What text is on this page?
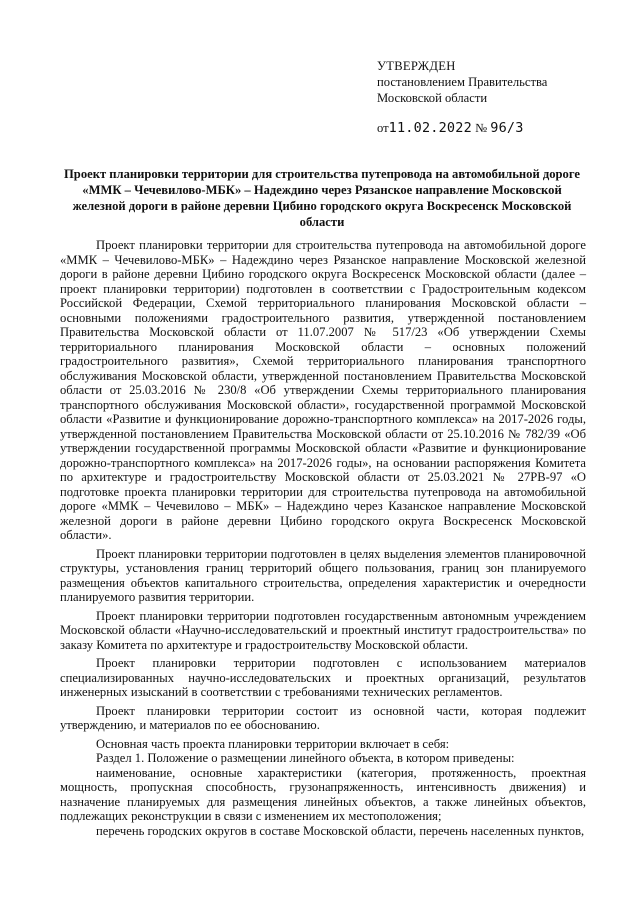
УТВЕРЖДЕН
постановлением Правительства
Московской области
от11.02.2022 № 96/3
Проект планировки территории для строительства путепровода на автомобильной дороге «ММК – Чечевилово-МБК» – Надеждино через Рязанское направление Московской железной дороги в районе деревни Цибино городского округа Воскресенск Московской области

Проект планировки территории для строительства путепровода на автомобильной дороге «ММК – Чечевилово-МБК» – Надеждино через Рязанское направление Московской железной дороги в районе деревни Цибино городского округа Воскресенск Московской области (далее – проект планировки территории) подготовлен в соответствии с Градостроительным кодексом Российской Федерации, Схемой территориального планирования Московской области – основными положениями градостроительного развития, утвержденной постановлением Правительства Московской области от 11.07.2007 № 517/23 «Об утверждении Схемы территориального планирования Московской области – основных положений градостроительного развития», Схемой территориального планирования транспортного обслуживания Московской области, утвержденной постановлением Правительства Московской области от 25.03.2016 № 230/8 «Об утверждении Схемы территориального планирования транспортного обслуживания Московской области», государственной программой Московской области «Развитие и функционирование дорожно-транспортного комплекса» на 2017-2026 годы, утвержденной постановлением Правительства Московской области от 25.10.2016 № 782/39 «Об утверждении государственной программы Московской области «Развитие и функционирование дорожно-транспортного комплекса» на 2017-2026 годы», на основании распоряжения Комитета по архитектуре и градостроительству Московской области от 25.03.2021 № 27РВ-97 «О подготовке проекта планировки территории для строительства путепровода на автомобильной дороге «ММК – Чечевилово – МБК» – Надеждино через Казанское направление Московской железной дороги в районе деревни Цибино городского округа Воскресенск Московской области».

Проект планировки территории подготовлен в целях выделения элементов планировочной структуры, установления границ территорий общего пользования, границ зон планируемого размещения объектов капитального строительства, определения характеристик и очередности планируемого развития территории.

Проект планировки территории подготовлен государственным автономным учреждением Московской области «Научно-исследовательский и проектный институт градостроительства» по заказу Комитета по архитектуре и градостроительству Московской области.

Проект планировки территории подготовлен с использованием материалов специализированных научно-исследовательских и проектных организаций, результатов инженерных изысканий в соответствии с требованиями технических регламентов.

Проект планировки территории состоит из основной части, которая подлежит утверждению, и материалов по ее обоснованию.

Основная часть проекта планировки территории включает в себя:

Раздел 1. Положение о размещении линейного объекта, в котором приведены:

наименование, основные характеристики (категория, протяженность, проектная мощность, пропускная способность, грузонапряженность, интенсивность движения) и назначение планируемых для размещения линейных объектов, а также линейных объектов, подлежащих реконструкции в связи с изменением их местоположения;

перечень городских округов в составе Московской области, перечень населенных пунктов,
